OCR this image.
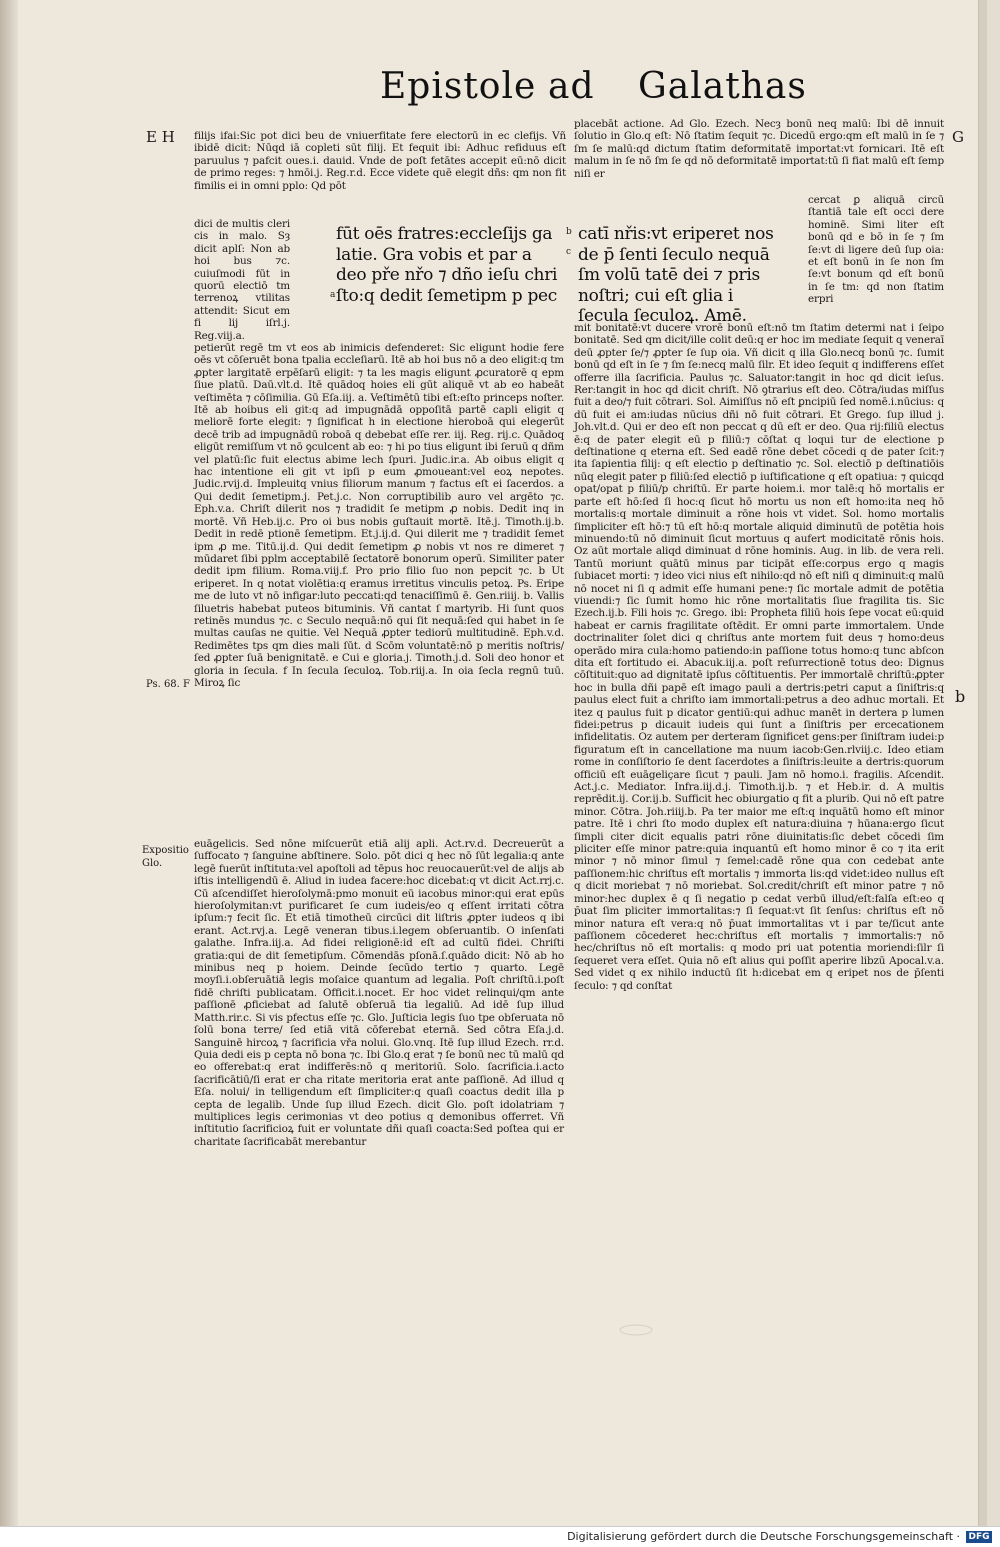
Epistole ad Galathas
E H	G
b
Ps. 68. F
Expositio Glo.
filijs ifai:Sic pot dici beu de vniuerfitate fere electorū in ec clefijs. Vñ ibidē dicit: Nūqd iā copleti sūt filij. Et fequit ibi: Adhuc refiduus eſt paruulus ⁊ pafcit oues.i. dauid. Vnde de poſt fetātes accepit eū:nō dicit de primo reges: ⁊ hmōi.j. Reg.r.d. Ecce videte quē elegit dñs: qm non fit fimilis ei in omni pplo: Qd pōt
dici de multis cleri cis in malo. Sȝ dicit aplſ: Non ab hoi bus ⁊c. cuiuſmodi fūt in quorū electiō tm terrenoꝝ vtilitas attendit: Sicut em fi lij iſrl.j. Reg.viij.a.
fūt oēs fratres:eccleſijs ga latie. Gra vobis et par a deo pře nřo ⁊ dño ieſu chri ſto:q dedit ſemetipm p pec
a
b c
catī nřis:vt eriperet nos de p̄ ſenti ſeculo nequā ſm volū tatē dei ⁊ pris noſtri; cui eſt glia i ſecula ſeculoꝝ. Amē.
placebāt actione. Ad Glo. Ezech. Necȝ bonū neq malū: Ibi dē innuit ſolutio in Glo.q eſt: Nō ſtatim ſequit ⁊c. Dicedū ergo:qm eſt malū in ſe ⁊ ſm ſe malū:qd dictum ſtatim deformitatē importat:vt fornicari. Itē eſt malum in ſe nō ſm ſe qd nō deformitatē importat:tū ſi fiat malū eſt ſemp niſi er
cercat ꝑ aliquā circū ſtantiā tale eſt occi dere hominē. Simi liter eſt bonū qd e bō in ſe ⁊ ſm ſe:vt di ligere deū ſup oia: et eſt bonū in ſe non ſm ſe:vt bonum qd eſt bonū in ſe tm: qd non ſtatim erpri
petierūt regē tm vt eos ab inimicis defenderet: Sic eligunt hodie fere oēs vt cōſeruēt bona tpalia eccleſiarū. Itē ab hoi bus nō a deo eligit:q tm ꝓpter largitatē erpēſarū eligit: ⁊ ta les magis eligunt ꝓcuratorē q epm ſiue platū. Daū.vlt.d. Itē quādoq hoies eli gūt aliquē vt ab eo habeāt veſtimēta ⁊ cōſimilia. Gū Eſa.iij. a. Veſtimētū tibi eſt:eſto princeps noſter. Itē ab hoibus eli git:q ad impugnādā oppoſitā partē capli eligit q meliorē forte elegit: ⁊ ſignificat h in electione hieroboā qui elegerūt decē trib ad impugnādū roboā q debebat eſſe rer. iij. Reg. rij.c. Quādoq eligūt remiſſum vt nō ꝯculcent ab eo: ⁊ hi po tius eligunt ibi ſeruū q dñm vel platū:ſic fuit electus abime lech ſpuri. Judic.ir.a. Ab oibus eligit q hac intentione eli git vt ipſi p eum ꝓmoueant:vel eoꝝ nepotes. Judic.rvij.d. Impleuitq vnius filiorum manum ⁊ factus eſt ei ſacerdos. a Qui dedit ſemetipm.j. Pet.j.c. Non corruptibilib auro vel argēto ⁊c. Eph.v.a. Chriſt dilerit nos ⁊ tradidit ſe metipm ꝓ nobis. Dedit inq in mortē. Vñ Heb.ij.c. Pro oi bus nobis guſtauit mortē. Itē.j. Timoth.ij.b. Dedit in redē ptionē ſemetipm. Et.j.ij.d. Qui dilerit me ⁊ tradidit ſemet ipm ꝓ me. Titū.ij.d. Qui dedit ſemetipm ꝓ nobis vt nos re dimeret ⁊ mūdaret ſibi pplm acceptabilē ſectatorē bonorum operū. Similiter pater dedit ipm filium. Roma.viij.f. Pro prio filio ſuo non pepcit ⁊c. b Ut eriperet. In q notat violētia:q eramus irretitus vinculis petoꝝ. Ps. Eripe me de luto vt nō infigar:luto peccati:qd tenaciſſimū ē. Gen.riiij. b. Vallis ſiluetris habebat puteos bituminis. Vñ cantat ſ martyrib. Hi ſunt quos retinēs mundus ⁊c. c Seculo nequā:nō qui ſit nequā:ſed qui habet in ſe multas cauſas ne quitie. Vel Nequā ꝓpter tediorū multitudinē. Eph.v.d. Redimētes tps qm dies mali ſūt. d Scōm voluntatē:nō p meritis noſtris/ſed ꝓpter ſuā benignitatē. e Cui e gloria.j. Timoth.j.d. Soli deo honor et gloria in ſecula. f In ſecula ſeculoꝝ. Tob.riij.a. In oia ſecla regnū tuū. Miroꝝ ſic
euāgelicis. Sed nōne miſcuerūt etiā alij apli. Act.rv.d. Decreuerūt a ſuffocato ⁊ ſanguine abſtinere. Solo. pōt dici q hec nō ſūt legalia:q ante legē fuerūt inſtituta:vel apoſtoli ad tēpus hoc reuocauerūt:vel de alijs ab iſtis intelligendū ē. Aliud in iudea facere:hoc dicebat:q vt dicit Act.rrj.c. Cū aſcendiſſet hieroſolymā:pmo monuit eū iacobus minor:qui erat epūs hieroſolymitan:vt purificaret ſe cum iudeis/eo q eſſent irritati cōtra ipſum:⁊ fecit ſic. Et etiā timotheū circūci dit liſtris ꝓpter iudeos q ibi erant. Act.rvj.a. Legē veneran tibus.i.legem obſeruantib. O inſenſati galathe. Infra.iij.a. Ad fidei religionē:id eſt ad cultū fidei. Chriſti gratia:qui de dit ſemetipſum. Cōmendās pſonā.ſ.quādo dicit: Nō ab ho minibus neq p hoiem. Deinde ſecūdo tertio ⁊ quarto. Legē moyſi.i.obſeruātiā legis moſaice quantum ad legalia. Poſt chriſtū.i.poſt fidē chriſti publicatam. Officit.i.nocet. Er hoc videt relinqui/qm ante paſſionē ꝓficiebat ad ſalutē obſeruā tia legaliū. Ad idē ſup illud Matth.rir.c. Si vis pfectus eſſe ⁊c. Glo. Juſticia legis ſuo tpe obſeruata nō ſolū bona terre/ ſed etiā vitā cōferebat eternā. Sed cōtra Eſa.j.d. Sanguinē hircoꝝ ⁊ ſacrificia vřa nolui. Glo.vnq. Itē ſup illud Ezech. rr.d. Quia dedi eis p cepta nō bona ⁊c. Ibi Glo.q erat ⁊ ſe bonū nec tū malū qd eo offerebat:q erat indifferēs:nō q meritoriū. Solo. ſacrificia.i.acto ſacrificātiū/ſi erat er cha ritate meritoria erat ante paſſionē. Ad illud q Eſa. nolui/ in telligendum eſt ſimpliciter:q quaſi coactus dedit illa p cepta de legalib. Unde ſup illud Ezech. dicit Glo. poſt idolatriam ⁊ multiplices legis cerimonias vt deo potius q demonibus offerret. Vñ inſtitutio ſacrificioꝝ fuit er voluntate dñi quaſi coacta:Sed poſtea qui er charitate ſacrificabāt merebantur
mit bonitatē:vt ducere vrorē bonū eſt:nō tm ſtatim determi nat i ſeipo bonitatē. Sed qm dicit/ille colit deū:q er hoc im mediate ſequit q veneraī deū ꝓpter ſe/⁊ ꝓpter ſe ſup oia. Vñ dicit q illa Glo.necq bonū ⁊c. ſumit bonū qd eſt in ſe ⁊ ſm ſe:necq malū ſilr. Et ideo ſequit q indifferens eſſet offerre illa ſacrificia. Paulus ⁊c. Saluator:tangit in hoc qd dicit ieſus. Rer:tangit in hoc qd dicit chriſt. Nō ꝯtrarius eſt deo. Cōtra/iudas miſſus fuit a deo/⁊ fuit cōtrari. Sol. Aimiſſus nō eſt ꝑncipiū ſed nomē.i.nūcius: q dū fuit ei am:iudas nūcius dñi nō fuit cōtrari. Et Grego. ſup illud j. Joh.vlt.d. Qui er deo eſt non peccat q dū eſt er deo. Qua rij:filiū electus ē:q de pater elegit eū p filiū:⁊ cōſtat q loqui tur de electione p deſtinatione q eterna eſt. Sed eadē rōne debet cōcedi q de pater ſcit:⁊ ita ſapientia filij: q eſt electio p deſtinatio ⁊c. Sol. electiō p deſtinatiōis nūq elegit pater p filiū:ſed electiō p iuſtificatione q eſt opatiua: ⁊ quicqd opat/opat p filiū/p chriſtū. Er parte hoiem.i. mor talē:q hō mortalis er parte eſt hō:ſed ſi hoc:q ſicut hō mortu us non eſt homo:ita neq hō mortalis:q mortale diminuit a rōne hois vt videt. Sol. homo mortalis ſimpliciter eſt hō:⁊ tū eſt hō:q mortale aliquid diminutū de potētia hois minuendo:tū nō diminuit ſicut mortuus q aufert modicitatē rōnis hois. Oz aūt mortale aliqd diminuat d rōne hominis. Aug. in lib. de vera reli. Tantū moriunt quātū minus par ticipāt eſſe:corpus ergo q magis ſubiacet morti: ⁊ ideo vici nius eſt nihilo:qd nō eſt niſi q diminuit:q malū nō nocet ni ſi q admit eſſe humani pene:⁊ ſic mortale admit de potētia viuendi:⁊ ſic ſumit homo hic rōne mortalitatis ſiue fragilita tis. Sic Ezech.ij.b. Fili hois ⁊c. Grego. ibi: Propheta filiū hois ſepe vocat eū:quid habeat er carnis fragilitate oſtēdit. Er omni parte immortalem. Unde doctrinaliter ſolet dici q chriſtus ante mortem fuit deus ⁊ homo:deus operādo mira cula:homo patiendo:in paſſione totus homo:q tunc abſcon dita eſt fortitudo ei. Abacuk.iij.a. poſt reſurrectionē totus deo: Dignus cōſtituit:quo ad dignitatē ipſus cōſtituentis. Per immortalē chriſtū:ꝓpter hoc in bulla dñi papē eſt imago pauli a dertris:petri caput a ſiniſtris:q paulus elect fuit a chriſto iam immortali:petrus a deo adhuc mortali. Et itez q paulus fuit p dicator gentiū:qui adhuc manēt in dertera p lumen fidei:petrus p dicauit iudeis qui ſunt a ſiniſtris per ercecationem infidelitatis. Oz autem per derteram ſignificet gens:per ſiniſtram iudei:p figuratum eſt in cancellatione ma nuum iacob:Gen.rlviij.c. Ideo etiam rome in conſiſtorio ſe dent ſacerdotes a ſiniſtris:leuite a dertris:quorum officiū eſt euāgeliçare ſicut ⁊ pauli. Jam nō homo.i. fragilis. Aſcendit. Act.j.c. Mediator. Infra.iij.d.j. Timoth.ij.b. ⁊ et Heb.ir. d. A multis reprēdit.ij. Cor.ij.b. Sufficit hec obiurgatio q fit a plurib. Qui nō eſt patre minor. Cōtra. Joh.riiij.b. Pa ter maior me eſt:q inquātū homo eſt minor patre. Itē i chri ſto modo duplex eſt natura:diuina ⁊ hūana:ergo ſicut ſimpli citer dicit equalis patri rōne diuinitatis:ſic debet cōcedi ſim pliciter eſſe minor patre:quia inquantū eſt homo minor ē co ⁊ ita erit minor ⁊ nō minor ſimul ⁊ ſemel:cadē rōne qua con cedebat ante paſſionem:hic chriſtus eſt mortalis ⁊ immorta lis:qd videt:ideo nullus eſt q dicit moriebat ⁊ nō moriebat. Sol.credit/chriſt eſt minor patre ⁊ nō minor:hec duplex ē q ſi negatio p cedat verbū illud/eſt:falſa eſt:eo q p̄uat ſim pliciter immortalitas:⁊ ſi ſequat:vt ſit ſenſus: chriſtus eſt nō minor natura eſt vera:q nō p̄uat immortalitas vt i par te/ſicut ante paſſionem cōcederet hec:chriſtus eſt mortalis ⁊ immortalis:⁊ nō hec/chriſtus nō eſt mortalis: q modo pri uat potentia moriendi:ſilr ſi ſequeret vera eſſet. Quia nō eſt alius qui poſſit aperire libzū Apocal.v.a. Sed videt q ex nihilo inductū ſit h:dicebat em q eripet nos de p̄ſenti ſeculo: ⁊ qd conſtat
Digitalisierung gefördert durch die Deutsche Forschungsgemeinschaft · DFG
